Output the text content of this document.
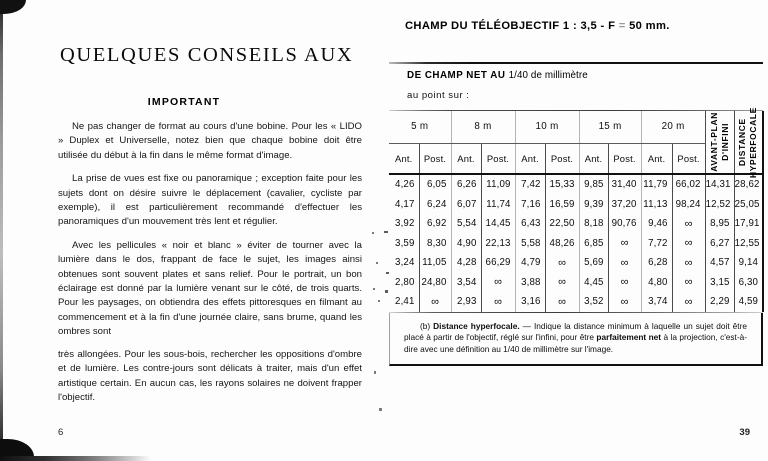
QUELQUES CONSEILS AUX
IMPORTANT

Ne pas changer de format au cours d'une bobine. Pour les « LIDO » Duplex et Universelle, notez bien que chaque bobine doit être utilisée du début à la fin dans le même format d'image.

La prise de vues est fixe ou panoramique ; exception faite pour les sujets dont on désire suivre le déplacement (cavalier, cycliste par exemple), il est particulièrement recommandé d'effectuer les panoramiques d'un mouvement très lent et régulier.

Avec les pellicules « noir et blanc » éviter de tourner avec la lumière dans le dos, frappant de face le sujet, les images ainsi obtenues sont souvent plates et sans relief. Pour le portrait, un bon éclairage est donné par la lumière venant sur le côté, de trois quarts. Pour les paysages, on obtiendra des effets pittoresques en filmant au commencement et à la fin d'une journée claire, sans brume, quand les ombres sont

très allongées. Pour les sous-bois, rechercher les oppositions d'ombre et de lumière. Les contre-jours sont délicats à traiter, mais d'un effet artistique certain. En aucun cas, les rayons solaires ne doivent frapper l'objectif.

6
CHAMP DU TÉLÉOBJECTIF 1 : 3,5 - F = 50 mm.
DE CHAMP NET AU 1/40 de millimètre
au point sur :
5 m		8 m		10 m		15 m		20 m		AVANT-PLAN
D'INFINI	DISTANCE
HYPERFOCALE

Ant.	Post.	Ant.	Post.	Ant.	Post.	Ant.	Post.	Ant.	Post.		
4,26	6,05	6,26	11,09	7,42	15,33	9,85	31,40	11,79	66,02	14,31	28,62
4,17	6,24	6,07	11,74	7,16	16,59	9,39	37,20	11,13	98,24	12,52	25,05
3,92	6,92	5,54	14,45	6,43	22,50	8,18	90,76	9,46	∞	8,95	17,91
3,59	8,30	4,90	22,13	5,58	48,26	6,85	∞	7,72	∞	6,27	12,55
3,24	11,05	4,28	66,29	4,79	∞	5,69	∞	6,28	∞	4,57	9,14
2,80	24,80	3,54	∞	3,88	∞	4,45	∞	4,80	∞	3,15	6,30
2,41	∞	2,93	∞	3,16	∞	3,52	∞	3,74	∞	2,29	4,59

(b) Distance hyperfocale. — Indique la distance minimum à laquelle un sujet doit être placé à partir de l'objectif, réglé sur l'infini, pour être parfaitement net à la projection, c'est-à-dire avec une définition au 1/40 de millimètre sur l'image.

39
